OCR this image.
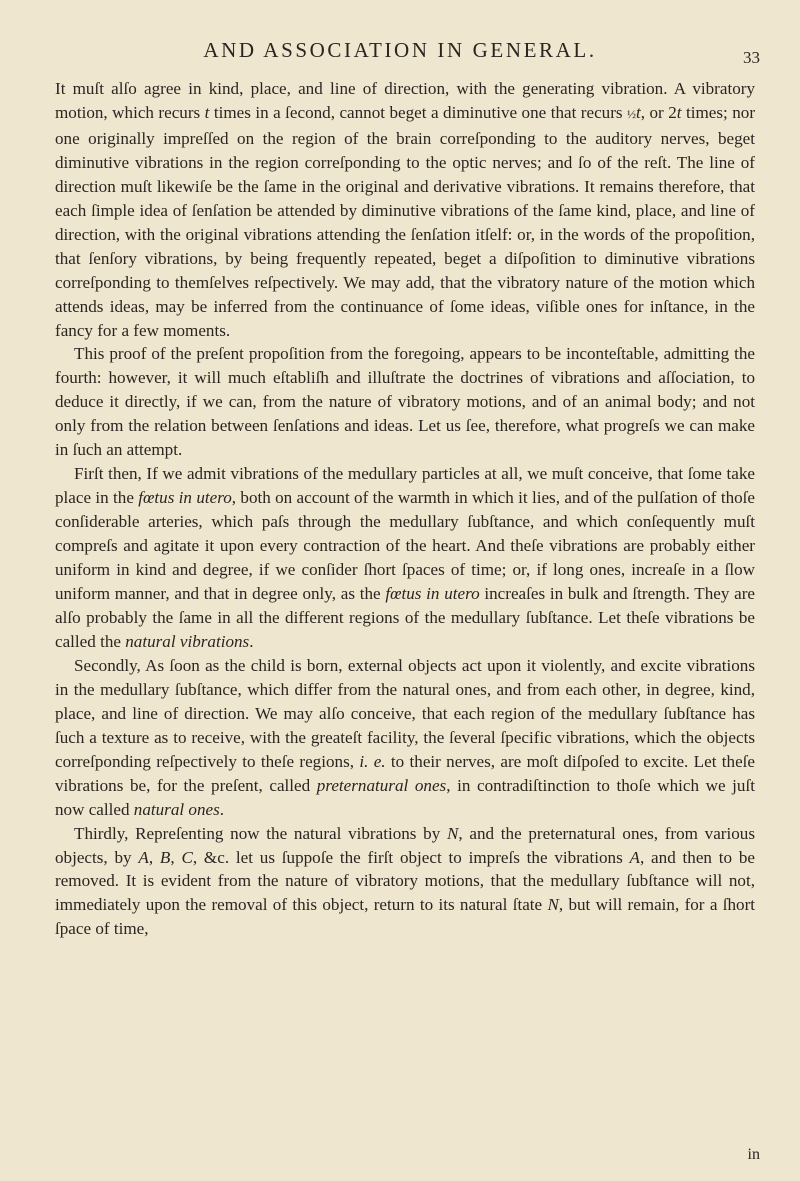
AND ASSOCIATION IN GENERAL.	33

It muſt alſo agree in kind, place, and line of direction, with the generating vibration. A vibratory motion, which recurs t times in a ſecond, cannot beget a diminutive one that recurs ½t, or 2t times; nor one originally impreſſed on the region of the brain correſponding to the auditory nerves, beget diminutive vibrations in the region correſponding to the optic nerves; and ſo of the reſt. The line of direction muſt likewiſe be the ſame in the original and derivative vibrations. It remains therefore, that each ſimple idea of ſenſation be attended by diminutive vibrations of the ſame kind, place, and line of direction, with the original vibrations attending the ſenſation itſelf: or, in the words of the propoſition, that ſenſory vibrations, by being frequently repeated, beget a diſpoſition to diminutive vibrations correſponding to themſelves reſpectively. We may add, that the vibratory nature of the motion which attends ideas, may be inferred from the continuance of ſome ideas, viſible ones for inſtance, in the fancy for a few moments.

This proof of the preſent propoſition from the foregoing, appears to be inconteſtable, admitting the fourth: however, it will much eſtabliſh and illuſtrate the doctrines of vibrations and aſſociation, to deduce it directly, if we can, from the nature of vibratory motions, and of an animal body; and not only from the relation between ſenſations and ideas. Let us ſee, therefore, what progreſs we can make in ſuch an attempt.

Firſt then, If we admit vibrations of the medullary particles at all, we muſt conceive, that ſome take place in the fœtus in utero, both on account of the warmth in which it lies, and of the pulſation of thoſe conſiderable arteries, which paſs through the medullary ſubſtance, and which conſequently muſt compreſs and agitate it upon every contraction of the heart. And theſe vibrations are probably either uniform in kind and degree, if we conſider ſhort ſpaces of time; or, if long ones, increaſe in a ſlow uniform manner, and that in degree only, as the fœtus in utero increaſes in bulk and ſtrength. They are alſo probably the ſame in all the different regions of the medullary ſubſtance. Let theſe vibrations be called the natural vibrations.

Secondly, As ſoon as the child is born, external objects act upon it violently, and excite vibrations in the medullary ſubſtance, which differ from the natural ones, and from each other, in degree, kind, place, and line of direction. We may alſo conceive, that each region of the medullary ſubſtance has ſuch a texture as to receive, with the greateſt facility, the ſeveral ſpecific vibrations, which the objects correſponding reſpectively to theſe regions, i. e. to their nerves, are moſt diſpoſed to excite. Let theſe vibrations be, for the preſent, called preternatural ones, in contradiſtinction to thoſe which we juſt now called natural ones.

Thirdly, Repreſenting now the natural vibrations by N, and the preternatural ones, from various objects, by A, B, C, &c. let us ſuppoſe the firſt object to impreſs the vibrations A, and then to be removed. It is evident from the nature of vibratory motions, that the medullary ſubſtance will not, immediately upon the removal of this object, return to its natural ſtate N, but will remain, for a ſhort ſpace of time,

in
